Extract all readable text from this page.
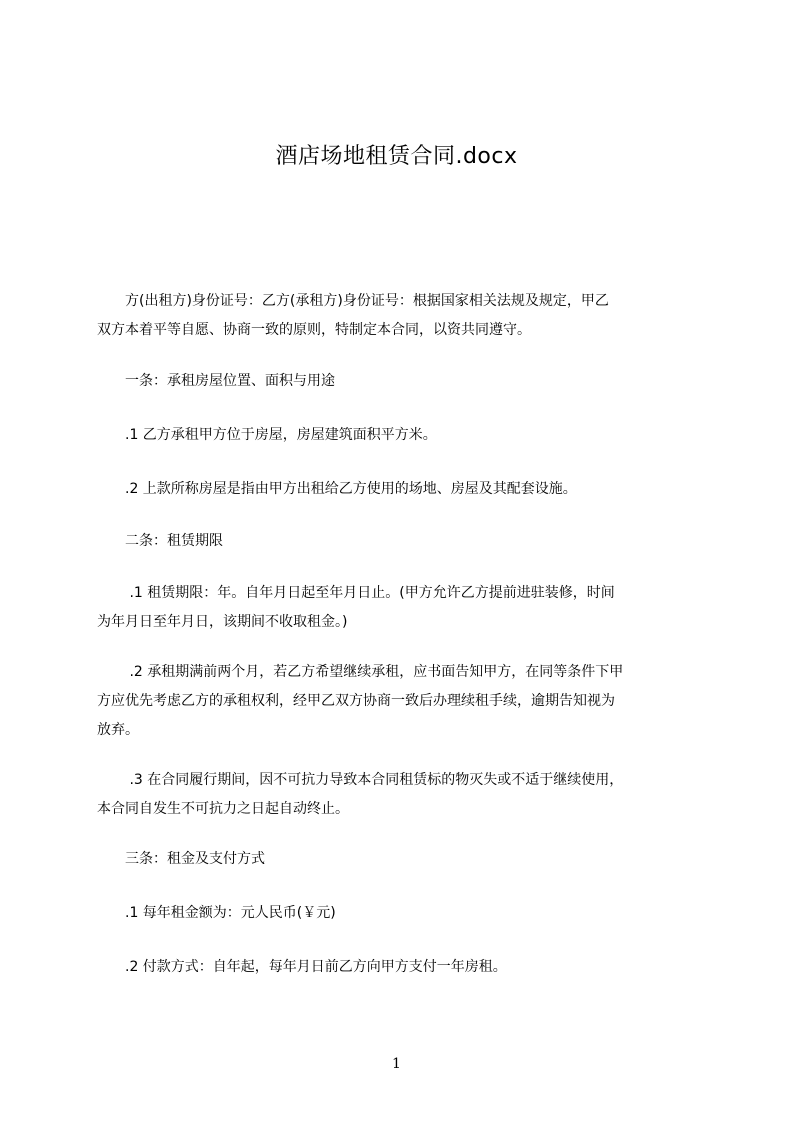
酒店场地租赁合同.docx
　　方(出租方)身份证号：乙方(承租方)身份证号：根据国家相关法规及规定，甲乙
双方本着平等自愿、协商一致的原则，特制定本合同，以资共同遵守。
　　一条：承租房屋位置、面积与用途
　　.1 乙方承租甲方位于房屋，房屋建筑面积平方米。
　　.2 上款所称房屋是指由甲方出租给乙方使用的场地、房屋及其配套设施。
　　二条：租赁期限
　　 .1 租赁期限：年。自年月日起至年月日止。(甲方允许乙方提前进驻装修，时间
为年月日至年月日，该期间不收取租金。)
　　 .2 承租期满前两个月，若乙方希望继续承租，应书面告知甲方，在同等条件下甲
方应优先考虑乙方的承租权利，经甲乙双方协商一致后办理续租手续，逾期告知视为
放弃。
　　 .3 在合同履行期间，因不可抗力导致本合同租赁标的物灭失或不适于继续使用，
本合同自发生不可抗力之日起自动终止。
　　三条：租金及支付方式
　　.1 每年租金额为：元人民币(￥元)
　　.2 付款方式：自年起，每年月日前乙方向甲方支付一年房租。
1
